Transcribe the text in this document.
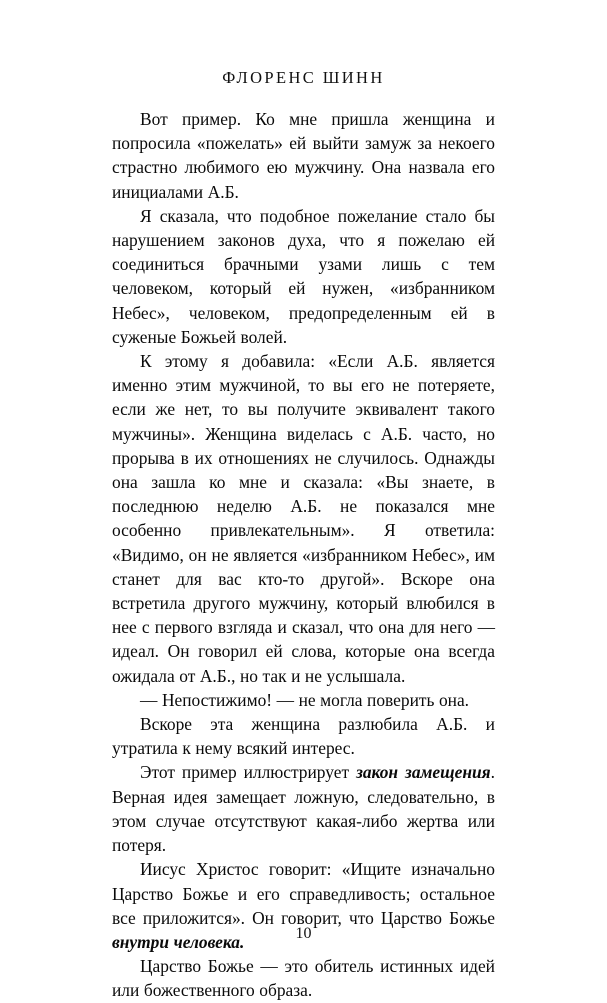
ФЛОРЕНС ШИНН

Вот пример. Ко мне пришла женщина и попросила «пожелать» ей выйти замуж за некоего страстно любимого ею мужчину. Она назвала его инициалами А.Б.

Я сказала, что подобное пожелание стало бы нарушением законов духа, что я пожелаю ей соединиться брачными узами лишь с тем человеком, который ей нужен, «избранником Небес», человеком, предопределенным ей в суженые Божьей волей.

К этому я добавила: «Если А.Б. является именно этим мужчиной, то вы его не потеряете, если же нет, то вы получите эквивалент такого мужчины». Женщина виделась с А.Б. часто, но прорыва в их отношениях не случилось. Однажды она зашла ко мне и сказала: «Вы знаете, в последнюю неделю А.Б. не показался мне особенно привлекательным». Я ответила: «Видимо, он не является «избранником Небес», им станет для вас кто-то другой». Вскоре она встретила другого мужчину, который влюбился в нее с первого взгляда и сказал, что она для него — идеал. Он говорил ей слова, которые она всегда ожидала от А.Б., но так и не услышала.

— Непостижимо! — не могла поверить она.

Вскоре эта женщина разлюбила А.Б. и утратила к нему всякий интерес.

Этот пример иллюстрирует закон замещения. Верная идея замещает ложную, следовательно, в этом случае отсутствуют какая-либо жертва или потеря.

Иисус Христос говорит: «Ищите изначально Царство Божье и его справедливость; остальное все приложится». Он говорит, что Царство Божье внутри человека.

Царство Божье — это обитель истинных идей или божественного образа.

10
